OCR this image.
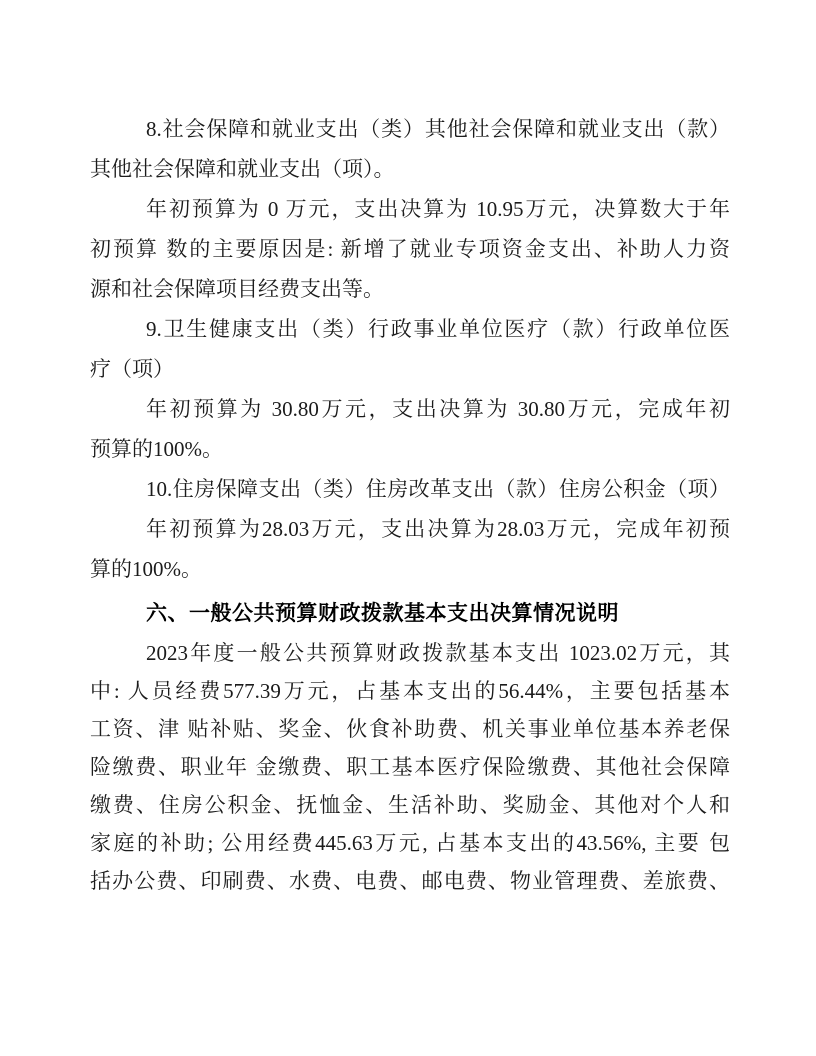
8.社会保障和就业支出（类）其他社会保障和就业支出（款）
其他社会保障和就业支出（项）。
年初预算为 0 万元，支出决算为 10.95万元，决算数大于年
初预算 数的主要原因是: 新增了就业专项资金支出、补助人力资
源和社会保障项目经费支出等。
9.卫生健康支出（类）行政事业单位医疗（款）行政单位医
疗（项）
年初预算为 30.80万元，支出决算为 30.80万元，完成年初
预算的100%。
10.住房保障支出（类）住房改革支出（款）住房公积金（项）
年初预算为28.03万元，支出决算为28.03万元，完成年初预
算的100%。
六、一般公共预算财政拨款基本支出决算情况说明
2023年度一般公共预算财政拨款基本支出 1023.02万元，其
中: 人员经费577.39万元，占基本支出的56.44%，主要包括基本
工资、津 贴补贴、奖金、伙食补助费、机关事业单位基本养老保
险缴费、职业年 金缴费、职工基本医疗保险缴费、其他社会保障
缴费、住房公积金、抚恤金、生活补助、奖励金、其他对个人和
家庭的补助; 公用经费445.63万元, 占基本支出的43.56%, 主要 包
括办公费、印刷费、水费、电费、邮电费、物业管理费、差旅费、
